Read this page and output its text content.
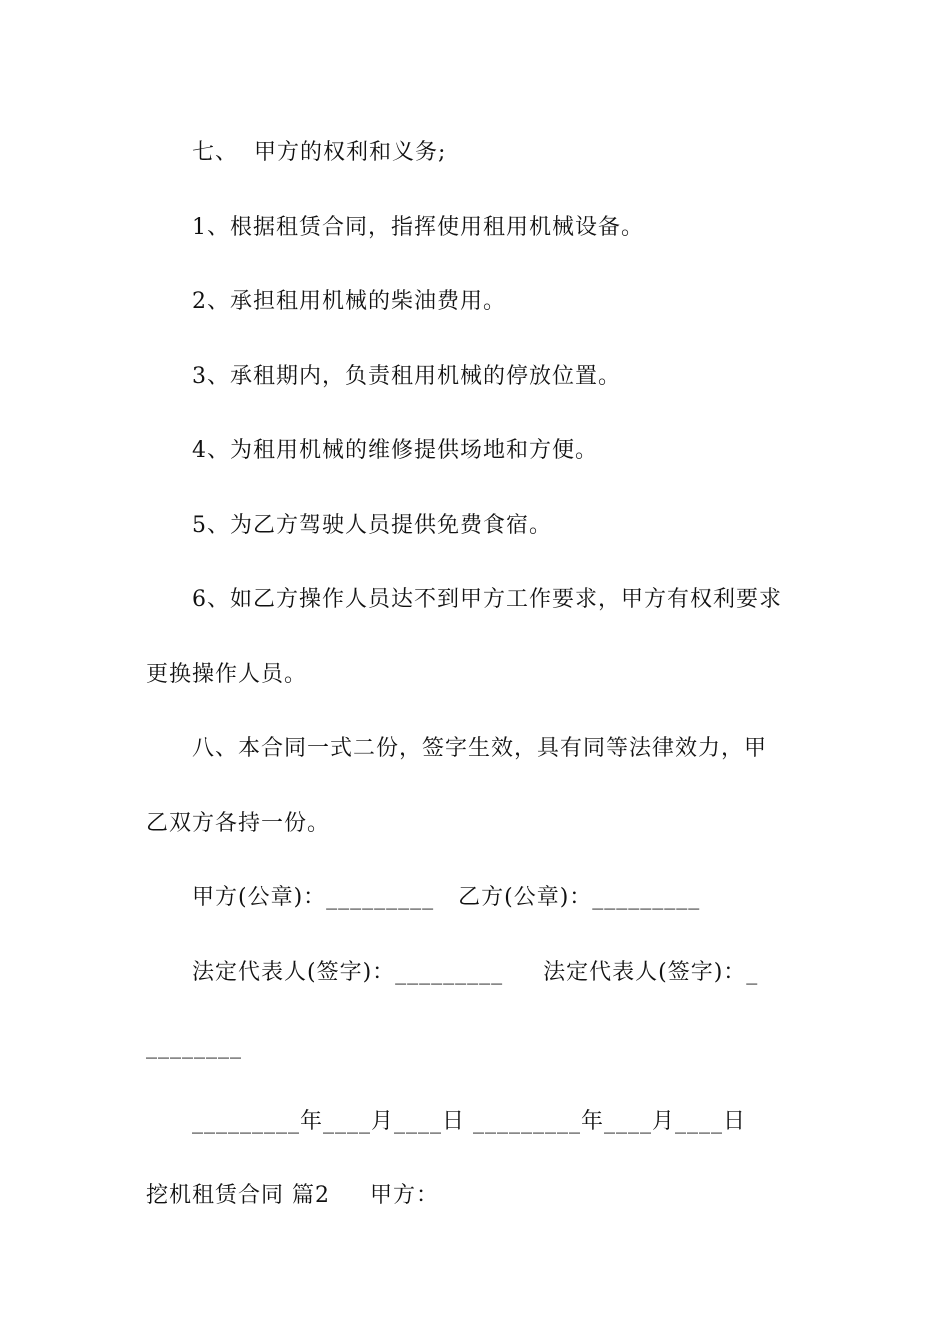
七、  甲方的权利和义务;
1、根据租赁合同，指挥使用租用机械设备。
2、承担租用机械的柴油费用。
3、承租期内，负责租用机械的停放位置。
4、为租用机械的维修提供场地和方便。
5、为乙方驾驶人员提供免费食宿。
6、如乙方操作人员达不到甲方工作要求，甲方有权利要求
更换操作人员。
八、本合同一式二份，签字生效，具有同等法律效力，甲
乙双方各持一份。
甲方(公章)：_________   乙方(公章)：_________
法定代表人(签字)：_________     法定代表人(签字)：_
________
_________年____月____日 _________年____月____日
挖机租赁合同 篇2     甲方：
